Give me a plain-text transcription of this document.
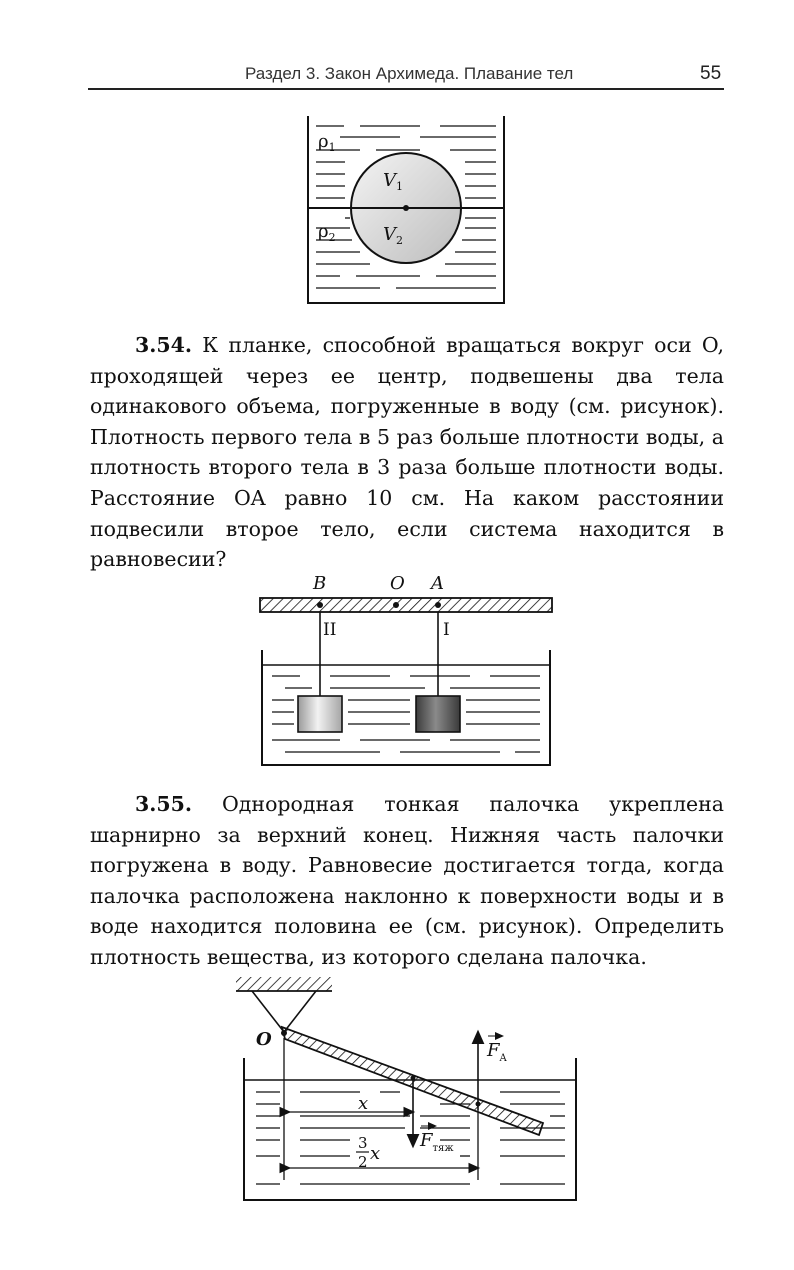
Раздел 3. Закон Архимеда. Плавание тел	55
$\rho_1$
$\rho_2$
$V_1$
$V_2$
B	O A
II	I
O
x
3
2 x
$F_{тяж}$
$F_A$

3.54. К планке, способной вращаться вокруг оси O, проходящей через ее центр, подвешены два тела одинакового объема, погруженные в воду (см. рисунок). Плотность первого тела в 5 раз больше плотности воды, а плотность второго тела в 3 раза больше плотности воды. Расстояние OA равно 10 см. На каком расстоянии подвесили второе тело, если система находится в равновесии?

3.55. Однородная тонкая палочка укреплена шарнирно за верхний конец. Нижняя часть палочки погружена в воду. Равновесие достигается тогда, когда палочка расположена наклонно к поверхности воды и в воде находится половина ее (см. рисунок). Определить плотность вещества, из которого сделана палочка.
